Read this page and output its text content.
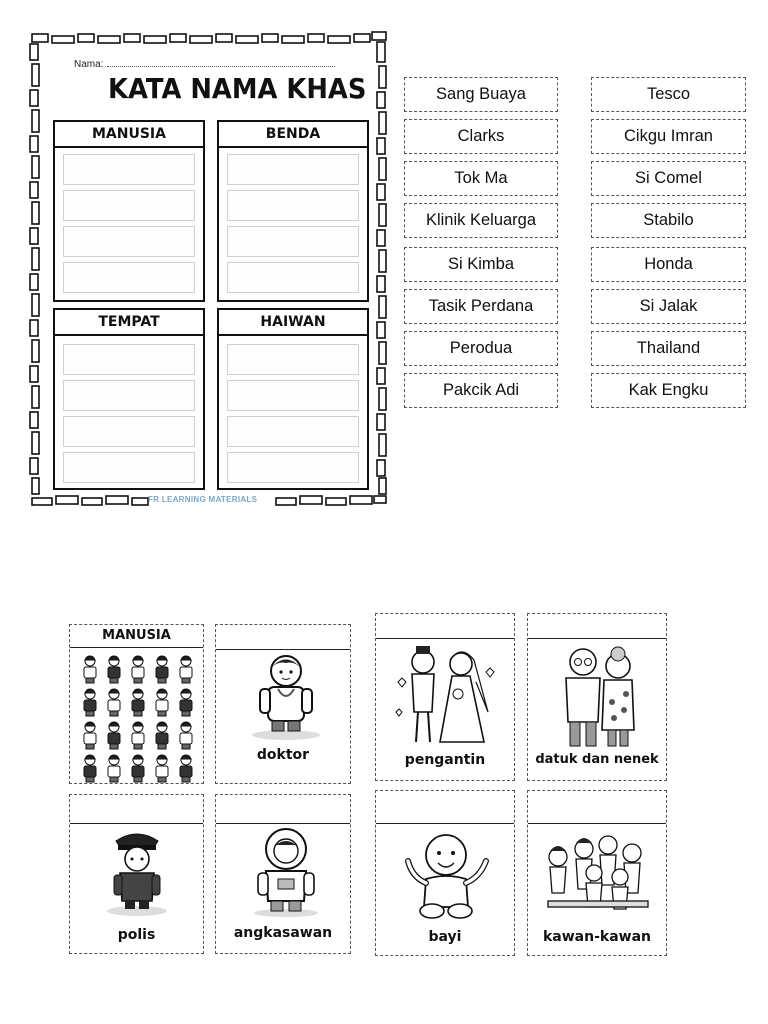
Nama:
KATA NAMA KHAS
MANUSIA	BENDA
TEMPAT	HAIWAN
FR LEARNING MATERIALS
Sang Buaya
Clarks
Tok Ma
Klinik Keluarga
Si Kimba
Tasik Perdana
Perodua
Pakcik Adi
Tesco
Cikgu Imran
Si Comel
Stabilo
Honda
Si Jalak
Thailand
Kak Engku
MANUSIA
doktor	pengantin	datuk dan nenek
polis	angkasawan	bayi	kawan-kawan
